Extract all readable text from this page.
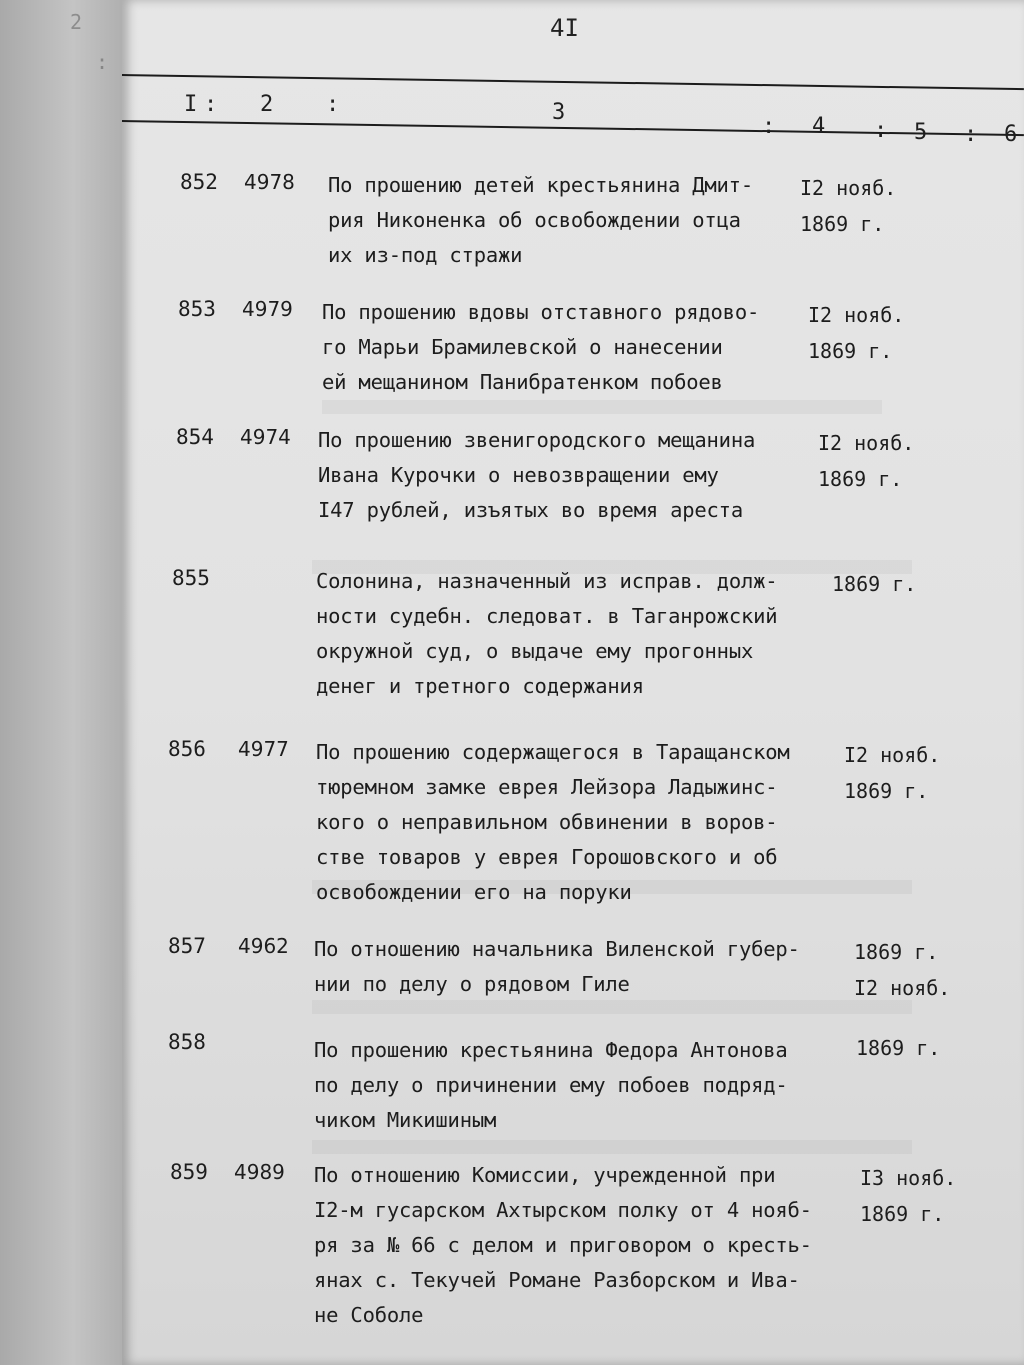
:
2	4I
I : 2 :	3
: 4 : 5 : 6
852 4978 По прошению детей крестьянина Дмит-
рия Никоненка об освобождении отца
их из-под стражи
I2 нояб.
1869 г.
853 4979 По прошению вдовы отставного рядово-
го Марьи Брамилевской о нанесении
ей мещанином Панибратенком побоев
I2 нояб.
1869 г.
854 4974 По прошению звенигородского мещанина
Ивана Курочки о невозвращении ему
I47 рублей, изъятых во время ареста
I2 нояб.
1869 г.
855	Солонина, назначенный из исправ. долж-
ности судебн. следоват. в Таганрожский
окружной суд, о выдаче ему прогонных
денег и третного содержания
1869 г.
856 4977 По прошению содержащегося в Таращанском
тюремном замке еврея Лейзора Ладыжинс-
кого о неправильном обвинении в воров-
стве товаров у еврея Горошовского и об
освобождении его на поруки
I2 нояб.
1869 г.
857 4962 По отношению начальника Виленской губер-
нии по делу о рядовом Гиле
1869 г.
I2 нояб.
858	По прошению крестьянина Федора Антонова
по делу о причинении ему побоев подряд-
чиком Микишиным
1869 г.
859 4989 По отношению Комиссии, учрежденной при
I2-м гусарском Ахтырском полку от 4 нояб-
ря за № 66 с делом и приговором о кресть-
янах с. Текучей Романе Разборском и Ива-
не Соболе
I3 нояб.
1869 г.
